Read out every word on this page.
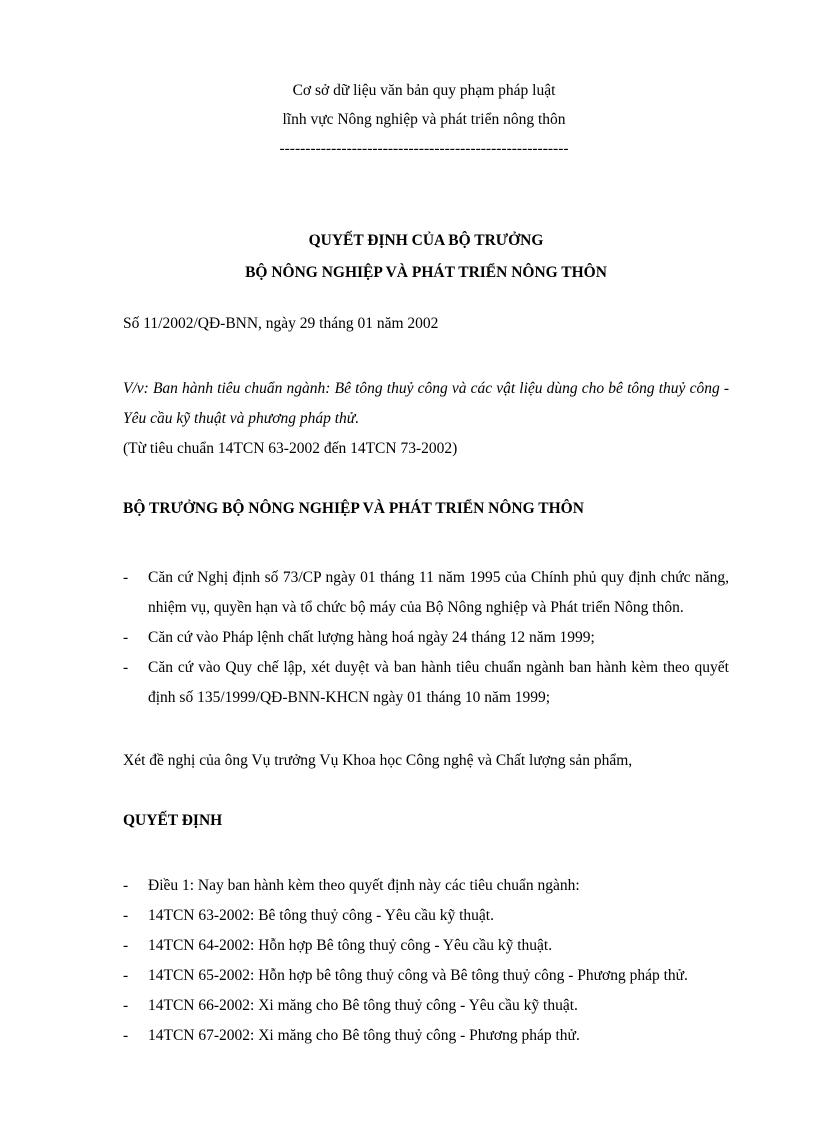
Cơ sở dữ liệu văn bản quy phạm pháp luật
lĩnh vực Nông nghiệp và phát triển nông thôn
--------------------------------------------------------
QUYẾT ĐỊNH CỦA BỘ TRƯỞNG
BỘ NÔNG NGHIỆP VÀ PHÁT TRIỂN NÔNG THÔN
Số 11/2002/QĐ-BNN, ngày 29 tháng 01 năm 2002
V/v: Ban hành tiêu chuẩn ngành: Bê tông thuỷ công và các vật liệu dùng cho bê tông thuỷ công - Yêu cầu kỹ thuật và phương pháp thử.
(Từ tiêu chuẩn 14TCN 63-2002 đến 14TCN 73-2002)
BỘ TRƯỞNG BỘ NÔNG NGHIỆP VÀ PHÁT TRIỂN NÔNG THÔN
- Căn cứ Nghị định số 73/CP ngày 01 tháng 11 năm 1995 của Chính phủ quy định chức năng, nhiệm vụ, quyền hạn và tổ chức bộ máy của Bộ Nông nghiệp và Phát triển Nông thôn.
- Căn cứ vào Pháp lệnh chất lượng hàng hoá ngày 24 tháng 12 năm 1999;
- Căn cứ vào Quy chế lập, xét duyệt và ban hành tiêu chuẩn ngành ban hành kèm theo quyết định số 135/1999/QĐ-BNN-KHCN ngày 01 tháng 10 năm 1999;
Xét đề nghị của ông Vụ trưởng Vụ Khoa học Công nghệ và Chất lượng sản phẩm,
QUYẾT ĐỊNH
- Điều 1: Nay ban hành kèm theo quyết định này các tiêu chuẩn ngành:
- 14TCN 63-2002: Bê tông thuỷ công - Yêu cầu kỹ thuật.
- 14TCN 64-2002: Hỗn hợp Bê tông thuỷ công - Yêu cầu kỹ thuật.
- 14TCN 65-2002: Hỗn hợp bê tông thuỷ công và Bê tông thuỷ công - Phương pháp thử.
- 14TCN 66-2002: Xi măng cho Bê tông thuỷ công - Yêu cầu kỹ thuật.
- 14TCN 67-2002: Xi măng cho Bê tông thuỷ công - Phương pháp thử.
